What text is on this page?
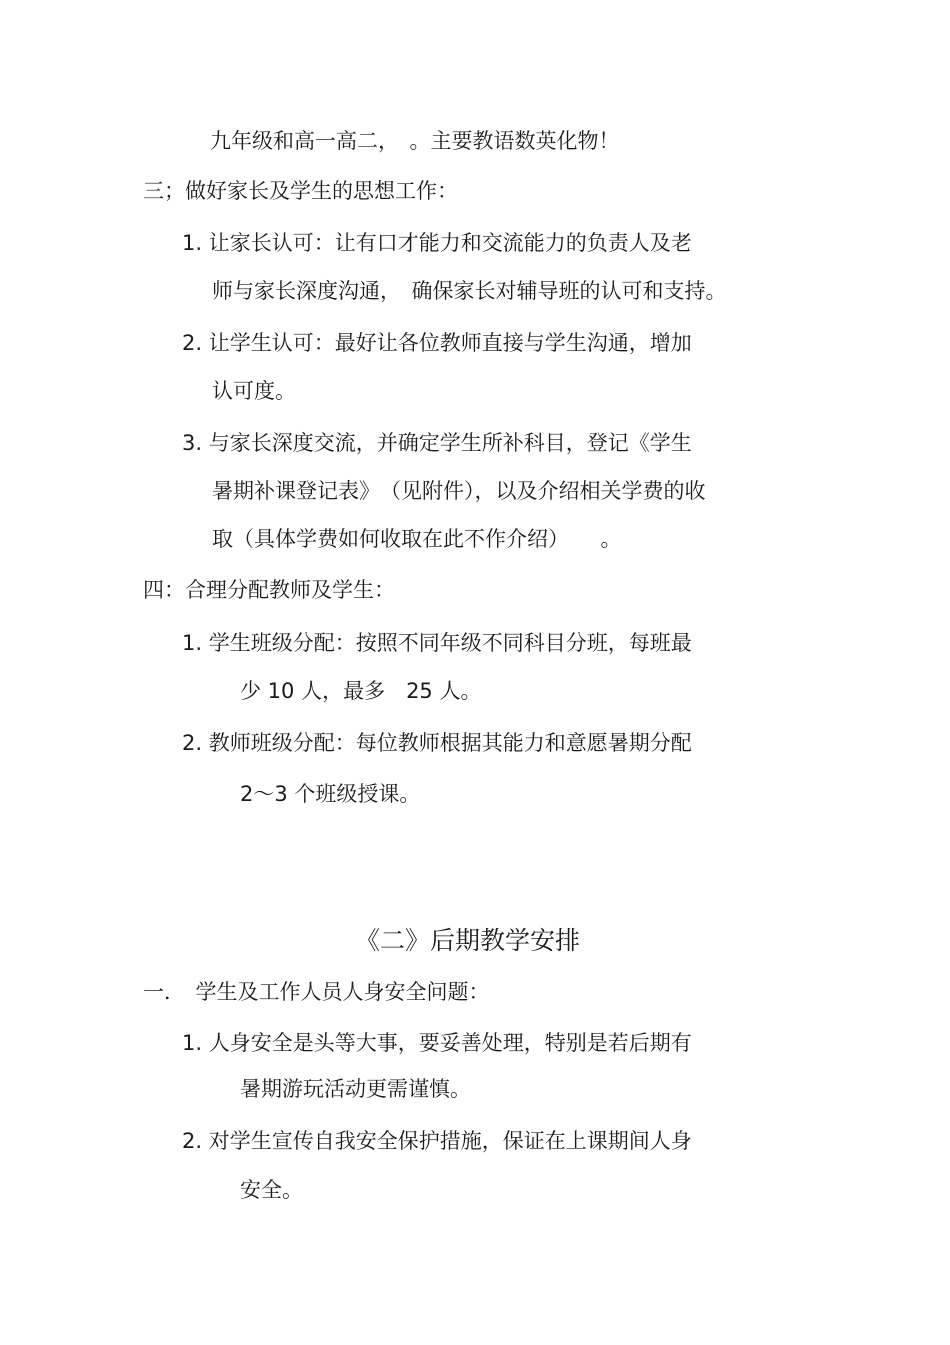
九年级和高一高二，　。主要教语数英化物！
三；做好家长及学生的思想工作：
1. 让家长认可：让有口才能力和交流能力的负责人及老
师与家长深度沟通，　确保家长对辅导班的认可和支持。
2. 让学生认可：最好让各位教师直接与学生沟通，增加
认可度。
3. 与家长深度交流，并确定学生所补科目，登记《学生
暑期补课登记表》　（见附件），以及介绍相关学费的收
取（具体学费如何收取在此不作介绍）　　。
四：合理分配教师及学生：
1. 学生班级分配：按照不同年级不同科目分班，每班最
少 10 人，最多　25 人。
2. 教师班级分配：每位教师根据其能力和意愿暑期分配
2～3 个班级授课。
《二》后期教学安排
一．　学生及工作人员人身安全问题：
1. 人身安全是头等大事，要妥善处理，特别是若后期有
暑期游玩活动更需谨慎。
2. 对学生宣传自我安全保护措施，保证在上课期间人身
安全。
